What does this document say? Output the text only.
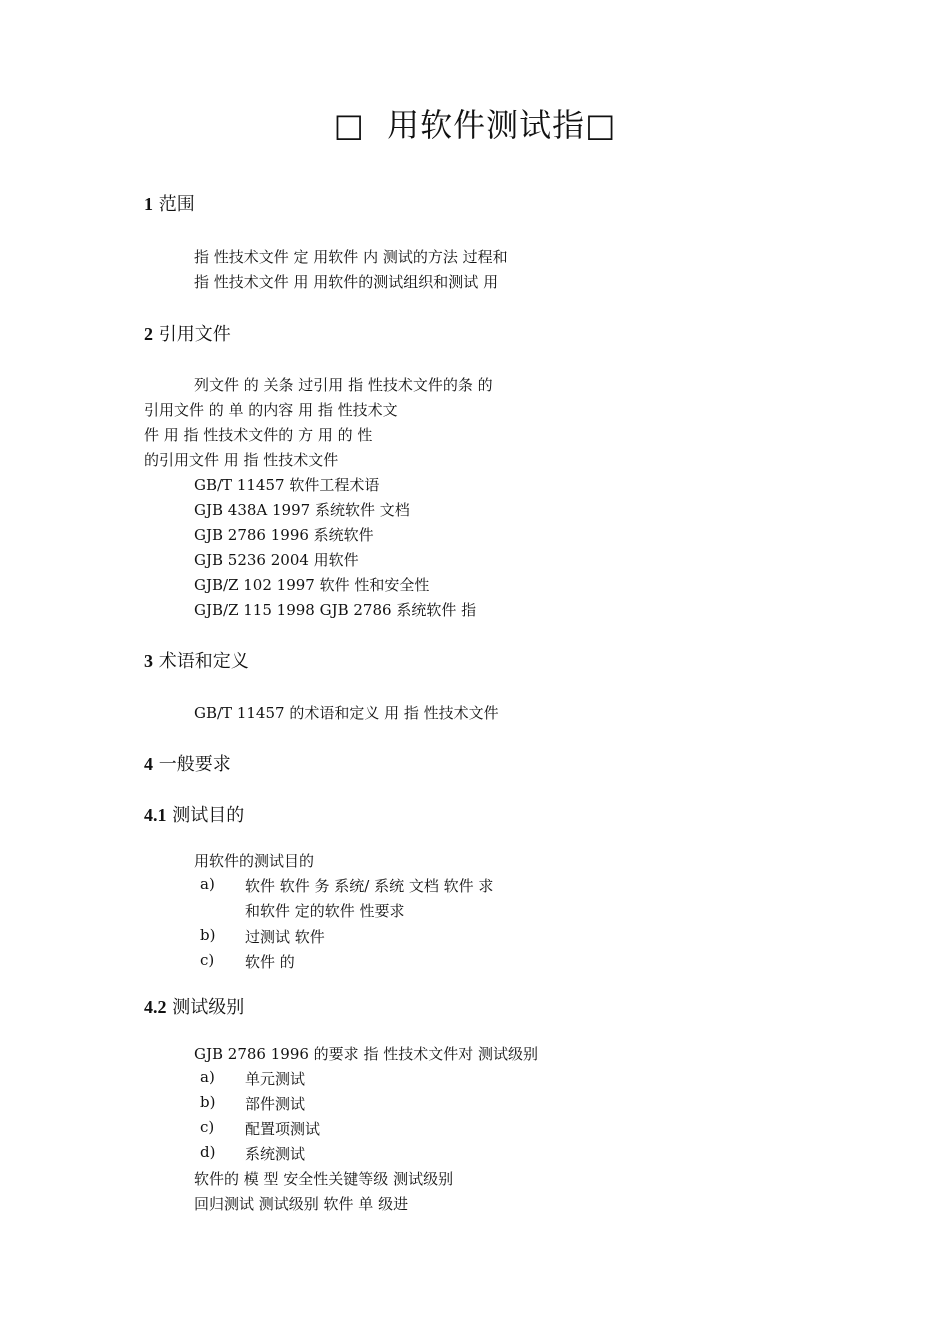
□ 用软件测试指□
1 范围
指 性技术文件 定 用软件 内 测试的方法 过程和
指 性技术文件 用 用软件的测试组织和测试 用
2 引用文件
列文件 的 关条 过引用 指 性技术文件的条 的
引用文件 的 单 的内容 用 指 性技术文
件 用 指 性技术文件的 方 用 的 性
的引用文件 用 指 性技术文件
GB/T 11457 软件工程术语
GJB 438A 1997 系统软件 文档
GJB 2786 1996 系统软件
GJB 5236 2004 用软件
GJB/Z 102 1997 软件 性和安全性
GJB/Z 115 1998 GJB 2786 系统软件 指
3 术语和定义
GB/T 11457 的术语和定义 用 指 性技术文件
4 一般要求
4.1 测试目的
用软件的测试目的
a) 软件 软件 务 系统/ 系统 文档 软件 求
和软件 定的软件 性要求
b) 过测试 软件
c) 软件 的
4.2 测试级别
GJB 2786 1996 的要求 指 性技术文件对 测试级别
a) 单元测试
b) 部件测试
c) 配置项测试
d) 系统测试
软件的 模 型 安全性关键等级 测试级别
回归测试 测试级别 软件 单 级进
